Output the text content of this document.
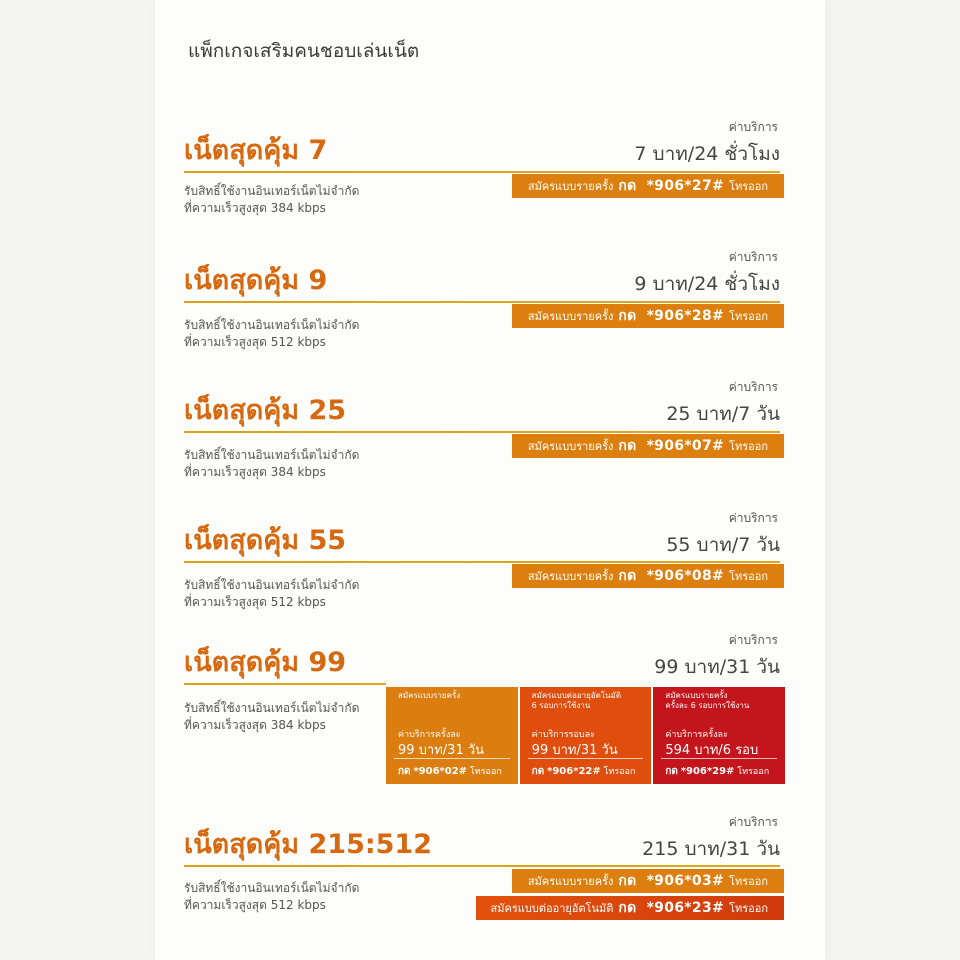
แพ็กเกจเสริมคนชอบเล่นเน็ต
ค่าบริการ
เน็ตสุดคุ้ม 7	7 บาท/24 ชั่วโมง
รับสิทธิ์ใช้งานอินเทอร์เน็ตไม่จำกัด
ที่ความเร็วสูงสุด 384 kbps
สมัครแบบรายครั้ง กด *906*27# โทรออก
ค่าบริการ
เน็ตสุดคุ้ม 9	9 บาท/24 ชั่วโมง
รับสิทธิ์ใช้งานอินเทอร์เน็ตไม่จำกัด
ที่ความเร็วสูงสุด 512 kbps
สมัครแบบรายครั้ง กด *906*28# โทรออก
ค่าบริการ
เน็ตสุดคุ้ม 25	25 บาท/7 วัน
รับสิทธิ์ใช้งานอินเทอร์เน็ตไม่จำกัด
ที่ความเร็วสูงสุด 384 kbps
สมัครแบบรายครั้ง กด *906*07# โทรออก
ค่าบริการ
เน็ตสุดคุ้ม 55	55 บาท/7 วัน
รับสิทธิ์ใช้งานอินเทอร์เน็ตไม่จำกัด
ที่ความเร็วสูงสุด 512 kbps
สมัครแบบรายครั้ง กด *906*08# โทรออก
ค่าบริการ
เน็ตสุดคุ้ม 99	99 บาท/31 วัน
รับสิทธิ์ใช้งานอินเทอร์เน็ตไม่จำกัด
ที่ความเร็วสูงสุด 384 kbps
สมัครแบบรายครั้ง
ค่าบริการครั้งละ
99 บาท/31 วัน
กด *906*02# โทรออก
สมัครแบบต่ออายุอัตโนมัติ
6 รอบการใช้งาน
ค่าบริการรอบละ
99 บาท/31 วัน
กด *906*22# โทรออก
สมัครแบบรายครั้ง
ครั้งละ 6 รอบการใช้งาน
ค่าบริการครั้งละ
594 บาท/6 รอบ
กด *906*29# โทรออก
ค่าบริการ
เน็ตสุดคุ้ม 215:512	215 บาท/31 วัน
รับสิทธิ์ใช้งานอินเทอร์เน็ตไม่จำกัด
ที่ความเร็วสูงสุด 512 kbps
สมัครแบบรายครั้ง กด *906*03# โทรออก
สมัครแบบต่ออายุอัตโนมัติ กด *906*23# โทรออก
